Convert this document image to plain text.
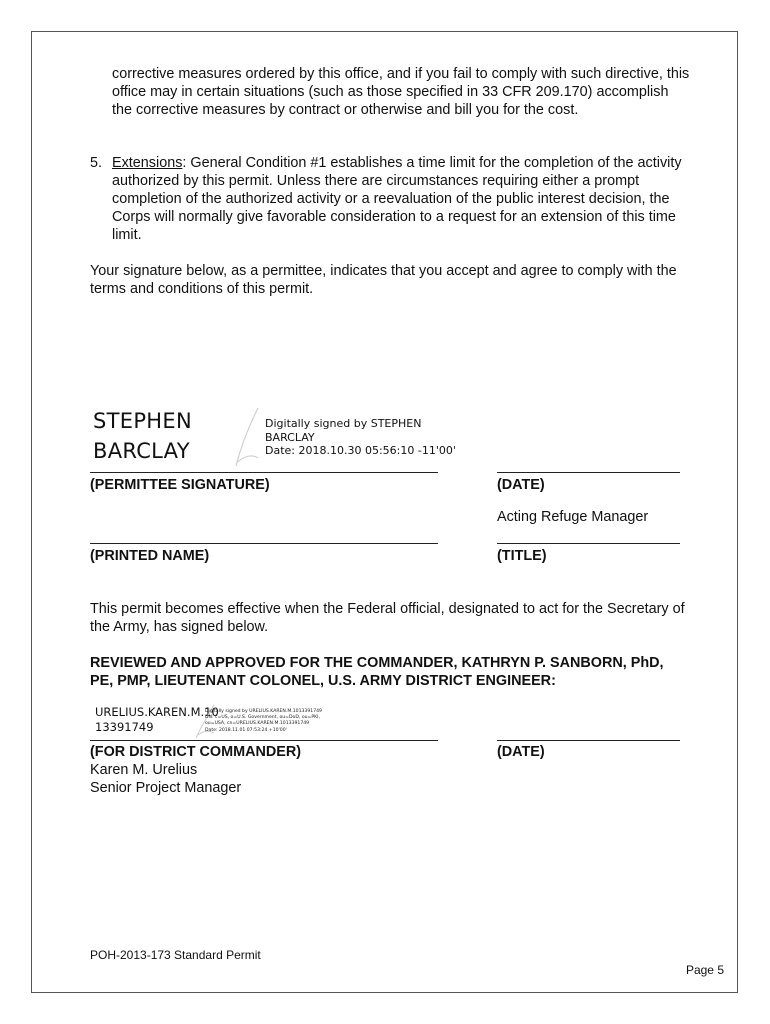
corrective measures ordered by this office, and if you fail to comply with such directive, this office may in certain situations (such as those specified in 33 CFR 209.170) accomplish the corrective measures by contract or otherwise and bill you for the cost.
5. Extensions: General Condition #1 establishes a time limit for the completion of the activity authorized by this permit. Unless there are circumstances requiring either a prompt completion of the authorized activity or a reevaluation of the public interest decision, the Corps will normally give favorable consideration to a request for an extension of this time limit.
Your signature below, as a permittee, indicates that you accept and agree to comply with the terms and conditions of this permit.
STEPHEN
BARCLAY
Digitally signed by STEPHEN
BARCLAY
Date: 2018.10.30 05:56:10 -11'00'
(PERMITTEE SIGNATURE)	(DATE)
Acting Refuge Manager
(PRINTED NAME)	(TITLE)
This permit becomes effective when the Federal official, designated to act for the Secretary of the Army, has signed below.
REVIEWED AND APPROVED FOR THE COMMANDER, KATHRYN P. SANBORN, PhD, PE, PMP, LIEUTENANT COLONEL, U.S. ARMY DISTRICT ENGINEER:
URELIUS.KAREN.M.10
13391749
Digitally signed by URELIUS.KAREN.M.1013391749
DN: c=US, o=U.S. Government, ou=DoD, ou=PKI,
ou=USA, cn=URELIUS.KAREN.M.1013391749
Date: 2018.11.01 07:53:24 +10'00'
(FOR DISTRICT COMMANDER)	(DATE)
Karen M. Urelius
Senior Project Manager
POH-2013-173 Standard Permit
Page 5
